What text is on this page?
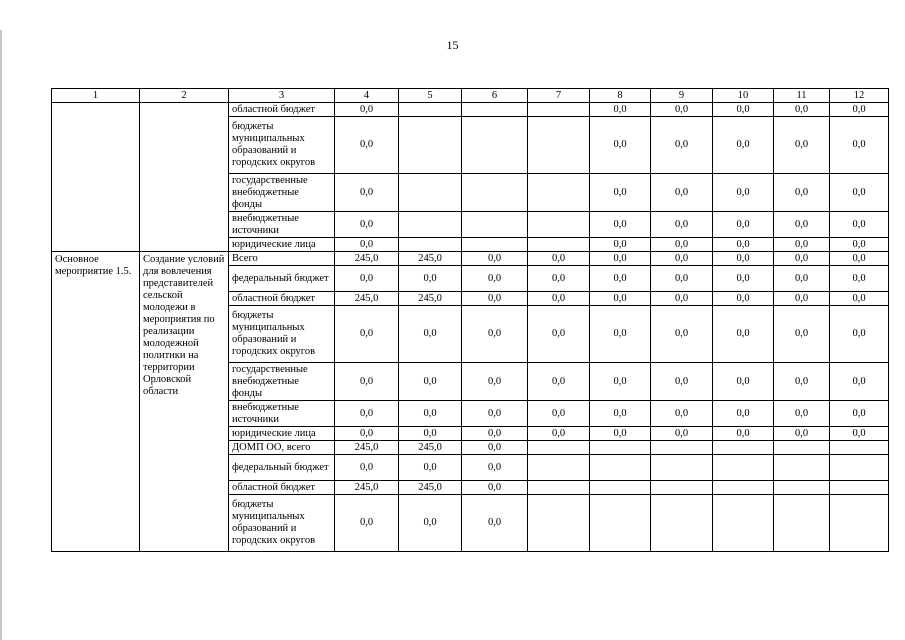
15
1	2	3	4	5	6	7	8	9	10	11	12
		областной бюджет	0,0				0,0	0,0	0,0	0,0	0,0
		бюджеты муниципальных образований и городских округов	0,0				0,0	0,0	0,0	0,0	0,0
		государственные внебюджетные фонды	0,0				0,0	0,0	0,0	0,0	0,0
		внебюджетные источники	0,0				0,0	0,0	0,0	0,0	0,0
		юридические лица	0,0				0,0	0,0	0,0	0,0	0,0
Основное мероприятие 1.5.	Создание условий для вовлечения представителей сельской молодежи в мероприятия по реализации молодежной политики на территории Орловской области	Всего	245,0	245,0	0,0	0,0	0,0	0,0	0,0	0,0	0,0
		федеральный бюджет	0,0	0,0	0,0	0,0	0,0	0,0	0,0	0,0	0,0
		областной бюджет	245,0	245,0	0,0	0,0	0,0	0,0	0,0	0,0	0,0
		бюджеты муниципальных образований и городских округов	0,0	0,0	0,0	0,0	0,0	0,0	0,0	0,0	0,0
		государственные внебюджетные фонды	0,0	0,0	0,0	0,0	0,0	0,0	0,0	0,0	0,0
		внебюджетные источники	0,0	0,0	0,0	0,0	0,0	0,0	0,0	0,0	0,0
		юридические лица	0,0	0,0	0,0	0,0	0,0	0,0	0,0	0,0	0,0
		ДОМП ОО, всего	245,0	245,0	0,0						
		федеральный бюджет	0,0	0,0	0,0						
		областной бюджет	245,0	245,0	0,0						
		бюджеты муниципальных образований и городских округов	0,0	0,0	0,0						
